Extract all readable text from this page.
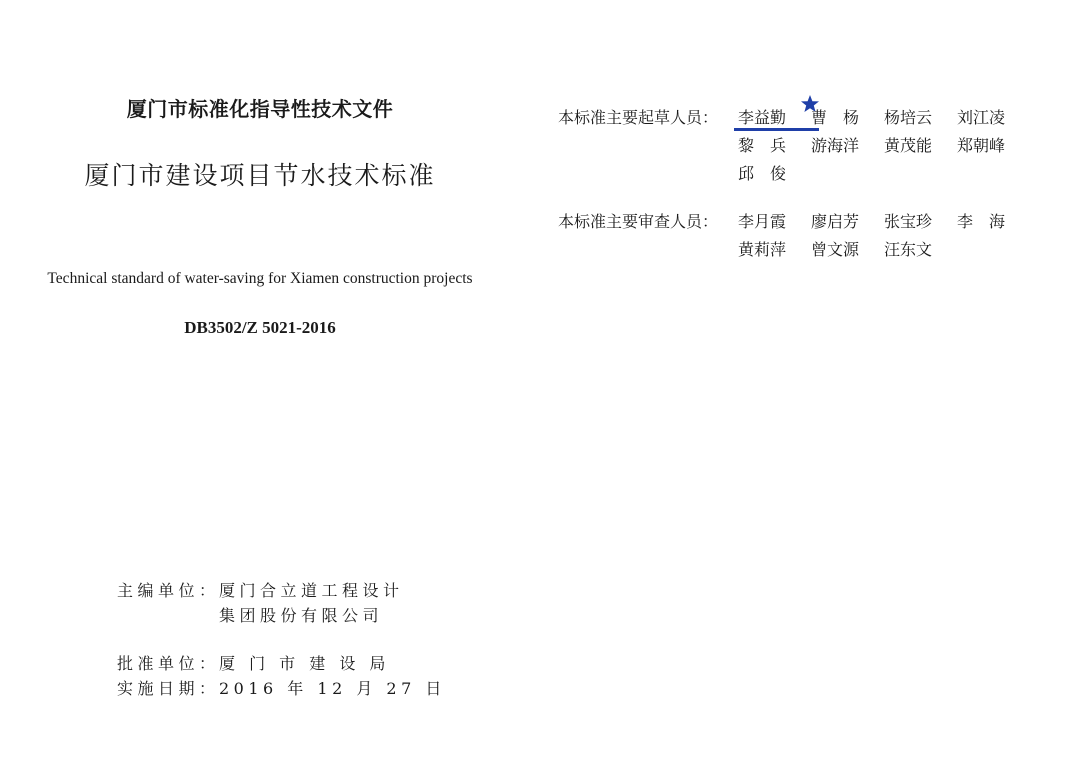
厦门市标准化指导性技术文件
厦门市建设项目节水技术标准
Technical standard of water-saving for Xiamen construction projects
DB3502/Z 5021-2016
主编单位： 厦门合立道工程设计
集团股份有限公司
批准单位： 厦 门 市 建 设 局
实施日期： 2016 年 12 月 27 日
本标准主要起草人员：	李益勤	曹　杨	杨培云	刘江凌
黎　兵	游海洋	黄茂能	郑朝峰
邱　俊
本标准主要审查人员：	李月霞	廖启芳	张宝珍	李　海
黄莉萍	曾文源	汪东文
